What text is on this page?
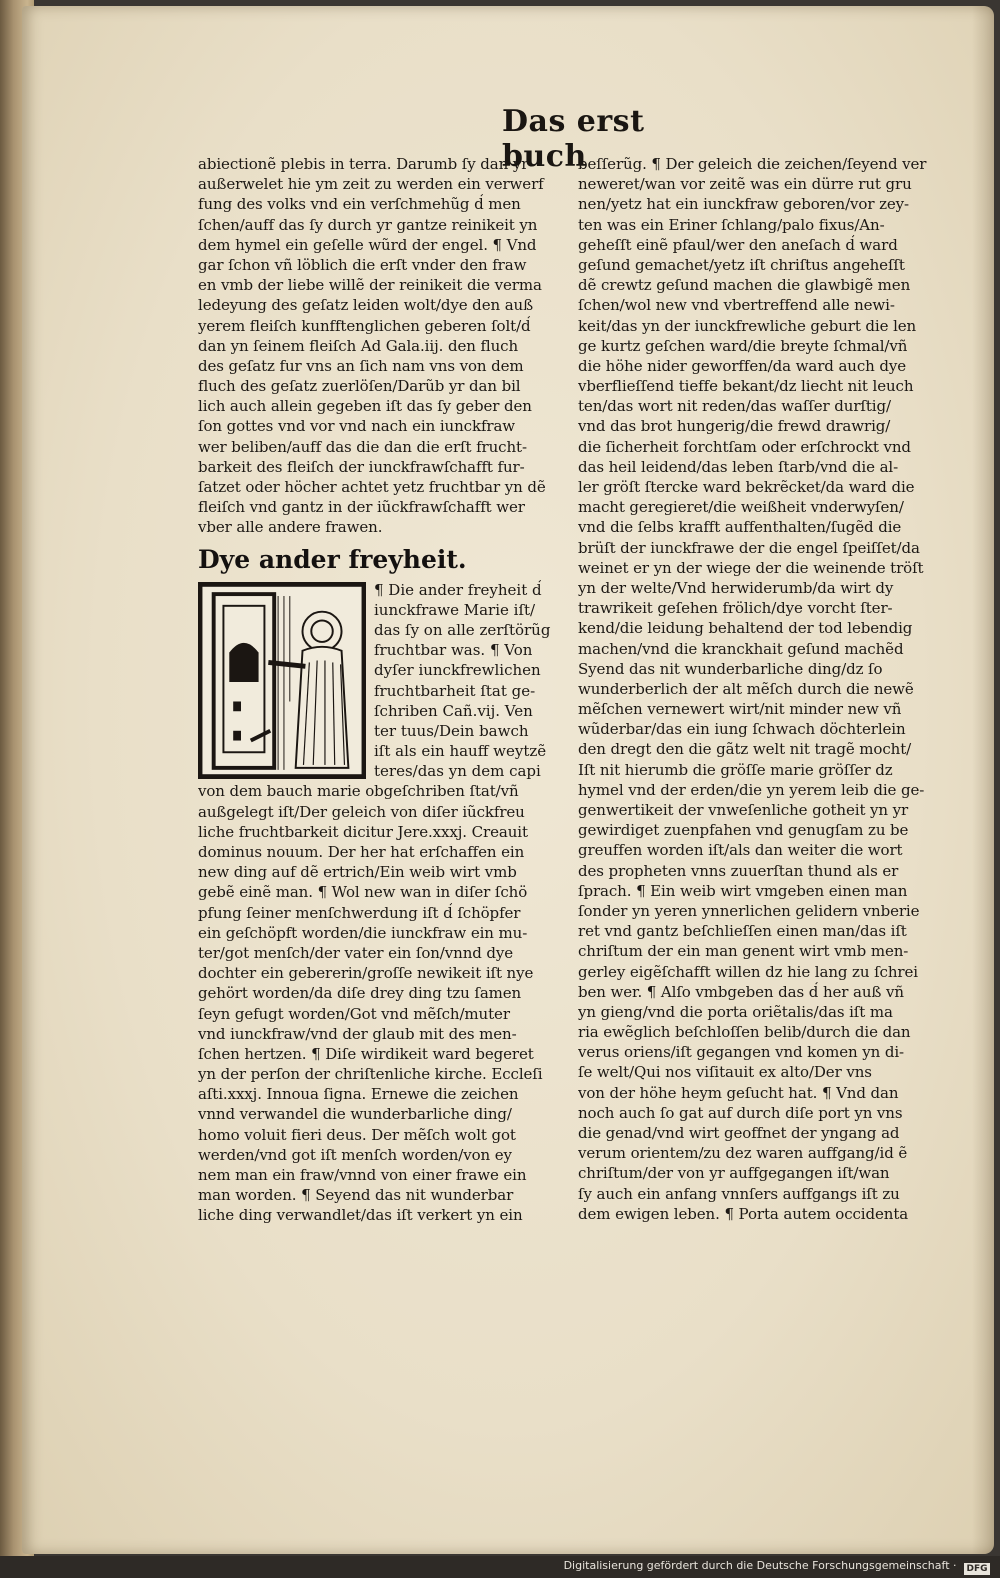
Das erst buch
abiectionẽ plebis in terra. Darumb ſy dan yr
außerwelet hie ym zeit zu werden ein verwerf
fung des volks vnd ein verſchmehũg d̉ men
ſchen/auff das ſy durch yr gantze reinikeit yn
dem hymel ein geſelle wũrd der engel. ¶ Vnd
gar ſchon vñ löblich die erſt vnder den fraw
en vmb der liebe willẽ der reinikeit die verma
ledeyung des geſatz leiden wolt/dye den auß
yerem fleiſch kunfftenglichen geberen ſolt/d̉
dan yn ſeinem fleiſch Ad Gala.iij. den fluch
des geſatz fur vns an ſich nam vns von dem
fluch des geſatz zuerlöſen/Darũb yr dan bil
lich auch allein gegeben iſt das ſy geber den
ſon gottes vnd vor vnd nach ein iunckfraw
wer beliben/auff das die dan die erſt frucht-
barkeit des fleiſch der iunckfrawſchafft fur-
ſatzet oder höcher achtet yetz fruchtbar yn dẽ
fleiſch vnd gantz in der iũckfrawſchafft wer
vber alle andere frawen.
Dye ander freyheit.
¶ Die ander freyheit d̉
iunckfrawe Marie iſt/
das ſy on alle zerſtörũg
fruchtbar was. ¶ Von
dyſer iunckfrewlichen
fruchtbarheit ſtat ge-
ſchriben Cañ.vij. Ven
ter tuus/Dein bawch
iſt als ein hauff weytzẽ
teres/das yn dem capi
von dem bauch marie obgeſchriben ſtat/vñ
außgelegt iſt/Der geleich von diſer iũckfreu
liche fruchtbarkeit dicitur Jere.xxxj. Creauit
dominus nouum. Der her hat erſchaffen ein
new ding auf dẽ ertrich/Ein weib wirt vmb
gebẽ einẽ man. ¶ Wol new wan in diſer ſchö
pfung ſeiner menſchwerdung iſt d̉ ſchöpfer
ein geſchöpft worden/die iunckfraw ein mu-
ter/got menſch/der vater ein ſon/vnnd dye
dochter ein gebererin/groſſe newikeit iſt nye
gehört worden/da diſe drey ding tzu ſamen
ſeyn gefugt worden/Got vnd mẽſch/muter
vnd iunckfraw/vnd der glaub mit des men-
ſchen hertzen. ¶ Diſe wirdikeit ward begeret
yn der perſon der chriſtenliche kirche. Eccleſi
aſti.xxxj. Innoua ſigna. Ernewe die zeichen
vnnd verwandel die wunderbarliche ding/
homo voluit fieri deus. Der mẽſch wolt got
werden/vnd got iſt menſch worden/von ey
nem man ein fraw/vnnd von einer frawe ein
man worden. ¶ Seyend das nit wunderbar
liche ding verwandlet/das iſt verkert yn ein
beſſerũg. ¶ Der geleich die zeichen/ſeyend ver
neweret/wan vor zeitẽ was ein dürre rut gru
nen/yetz hat ein iunckfraw geboren/vor zey-
ten was ein Eriner ſchlang/palo fixus/An-
geheſſt einẽ pfaul/wer den aneſach d̉ ward
geſund gemachet/yetz iſt chriſtus angeheſſt
dẽ crewtz geſund machen die glawbigẽ men
ſchen/wol new vnd vbertreffend alle newi-
keit/das yn der iunckfrewliche geburt die len
ge kurtz geſchen ward/die breyte ſchmal/vñ
die höhe nider geworffen/da ward auch dye
vberflieſſend tieffe bekant/dz liecht nit leuch
ten/das wort nit reden/das waſſer durſtig/
vnd das brot hungerig/die frewd drawrig/
die ſicherheit forchtſam oder erſchrockt vnd
das heil leidend/das leben ſtarb/vnd die al-
ler gröſt ſtercke ward bekrẽcket/da ward die
macht geregieret/die weißheit vnderwyſen/
vnd die ſelbs krafft auffenthalten/ſugẽd die
brüſt der iunckfrawe der die engel ſpeiſſet/da
weinet er yn der wiege der die weinende tröſt
yn der welte/Vnd herwiderumb/da wirt dy
trawrikeit geſehen frölich/dye vorcht ſter-
kend/die leidung behaltend der tod lebendig
machen/vnd die kranckhait geſund machẽd
Syend das nit wunderbarliche ding/dz ſo
wunderberlich der alt mẽſch durch die newẽ
mẽſchen vernewert wirt/nit minder new vñ
wũderbar/das ein iung ſchwach döchterlein
den dregt den die gãtz welt nit tragẽ mocht/
Iſt nit hierumb die gröſſe marie gröſſer dz
hymel vnd der erden/die yn yerem leib die ge-
genwertikeit der vnweſenliche gotheit yn yr
gewirdiget zuenpfahen vnd genugſam zu be
greuffen worden iſt/als dan weiter die wort
des propheten vnns zuuerſtan thund als er
ſprach. ¶ Ein weib wirt vmgeben einen man
ſonder yn yeren ynnerlichen gelidern vnberie
ret vnd gantz beſchlieſſen einen man/das iſt
chriſtum der ein man genent wirt vmb men-
gerley eigẽſchafft willen dz hie lang zu ſchrei
ben wer. ¶ Alſo vmbgeben das d̉ her auß vñ
yn gieng/vnd die porta oriẽtalis/das iſt ma
ria ewẽglich beſchloſſen belib/durch die dan
verus oriens/iſt gegangen vnd komen yn di-
ſe welt/Qui nos viſitauit ex alto/Der vns
von der höhe heym geſucht hat. ¶ Vnd dan
noch auch ſo gat auf durch diſe port yn vns
die genad/vnd wirt geoffnet der yngang ad
verum orientem/zu dez waren auffgang/id ẽ
chriſtum/der von yr auffgegangen iſt/wan
ſy auch ein anfang vnnſers auffgangs iſt zu
dem ewigen leben. ¶ Porta autem occidenta
Digitalisierung gefördert durch die Deutsche Forschungsgemeinschaft · DFG
